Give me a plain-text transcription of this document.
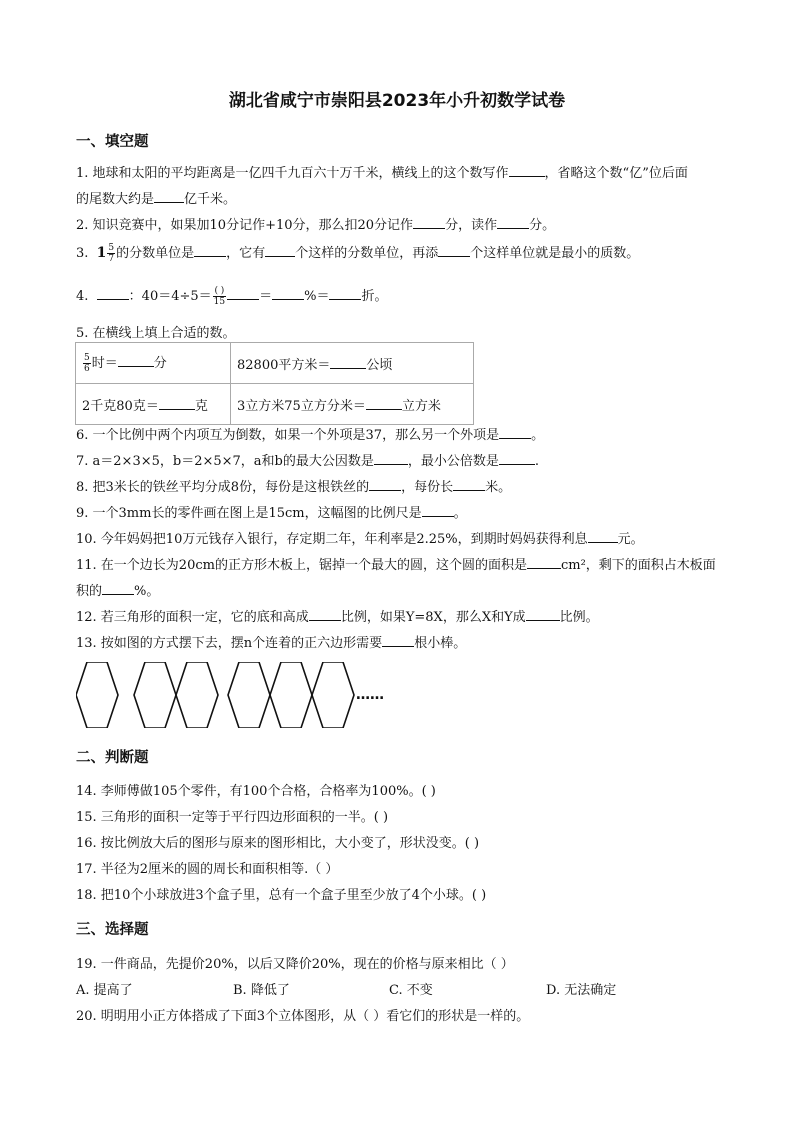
湖北省咸宁市崇阳县2023年小升初数学试卷
一、填空题
1. 地球和太阳的平均距离是一亿四千九百六十万千米，横线上的这个数写作	，省略这个数“亿”位后面
的尾数大约是 亿千米。
2. 知识竞赛中，如果加10分记作+10分，那么扣20分记作 分，读作 分。
3. $1 \frac{5}{7}$ 的分数单位是 ，它有 个这样的分数单位，再添 个这样单位就是最小的质数。
4.	：$40=4\div 5= \frac{( )}{15}$	＝ %＝ 折。
5. 在横线上填上合适的数。
$\frac{5}{6}$ 时＝ 分	82800平方米＝ 公顷
2千克80克＝ 克	3立方米75立方分米＝ 立方米
6. 一个比例中两个内项互为倒数，如果一个外项是37，那么另一个外项是 。
7. a＝2×3×5，b＝2×5×7，a和b的最大公因数是	，最小公倍数是	.
8. 把3米长的铁丝平均分成8份，每份是这根铁丝的 ，每份长 米。
9. 一个3mm长的零件画在图上是15cm，这幅图的比例尺是 。
10. 今年妈妈把10万元钱存入银行，存定期二年，年利率是2.25%，到期时妈妈获得利息 元。
11. 在一个边长为20cm的正方形木板上，锯掉一个最大的圆，这个圆的面积是	cm²，剩下的面积占木板面
积的 %。
12. 若三角形的面积一定，它的底和高成 比例，如果Y=8X，那么X和Y成	比例。
13. 按如图的方式摆下去，摆n个连着的正六边形需要 根小棒。
……
二、判断题
14. 李师傅做105个零件，有100个合格，合格率为100%。( )
15. 三角形的面积一定等于平行四边形面积的一半。( )
16. 按比例放大后的图形与原来的图形相比，大小变了，形状没变。( )
17. 半径为2厘米的圆的周长和面积相等.（ ）
18. 把10个小球放进3个盒子里，总有一个盒子里至少放了4个小球。( )
三、选择题
19. 一件商品，先提价20%，以后又降价20%，现在的价格与原来相比（ ）
A. 提高了	B. 降低了	C. 不变	D. 无法确定
20. 明明用小正方体搭成了下面3个立体图形，从（ ）看它们的形状是一样的。
